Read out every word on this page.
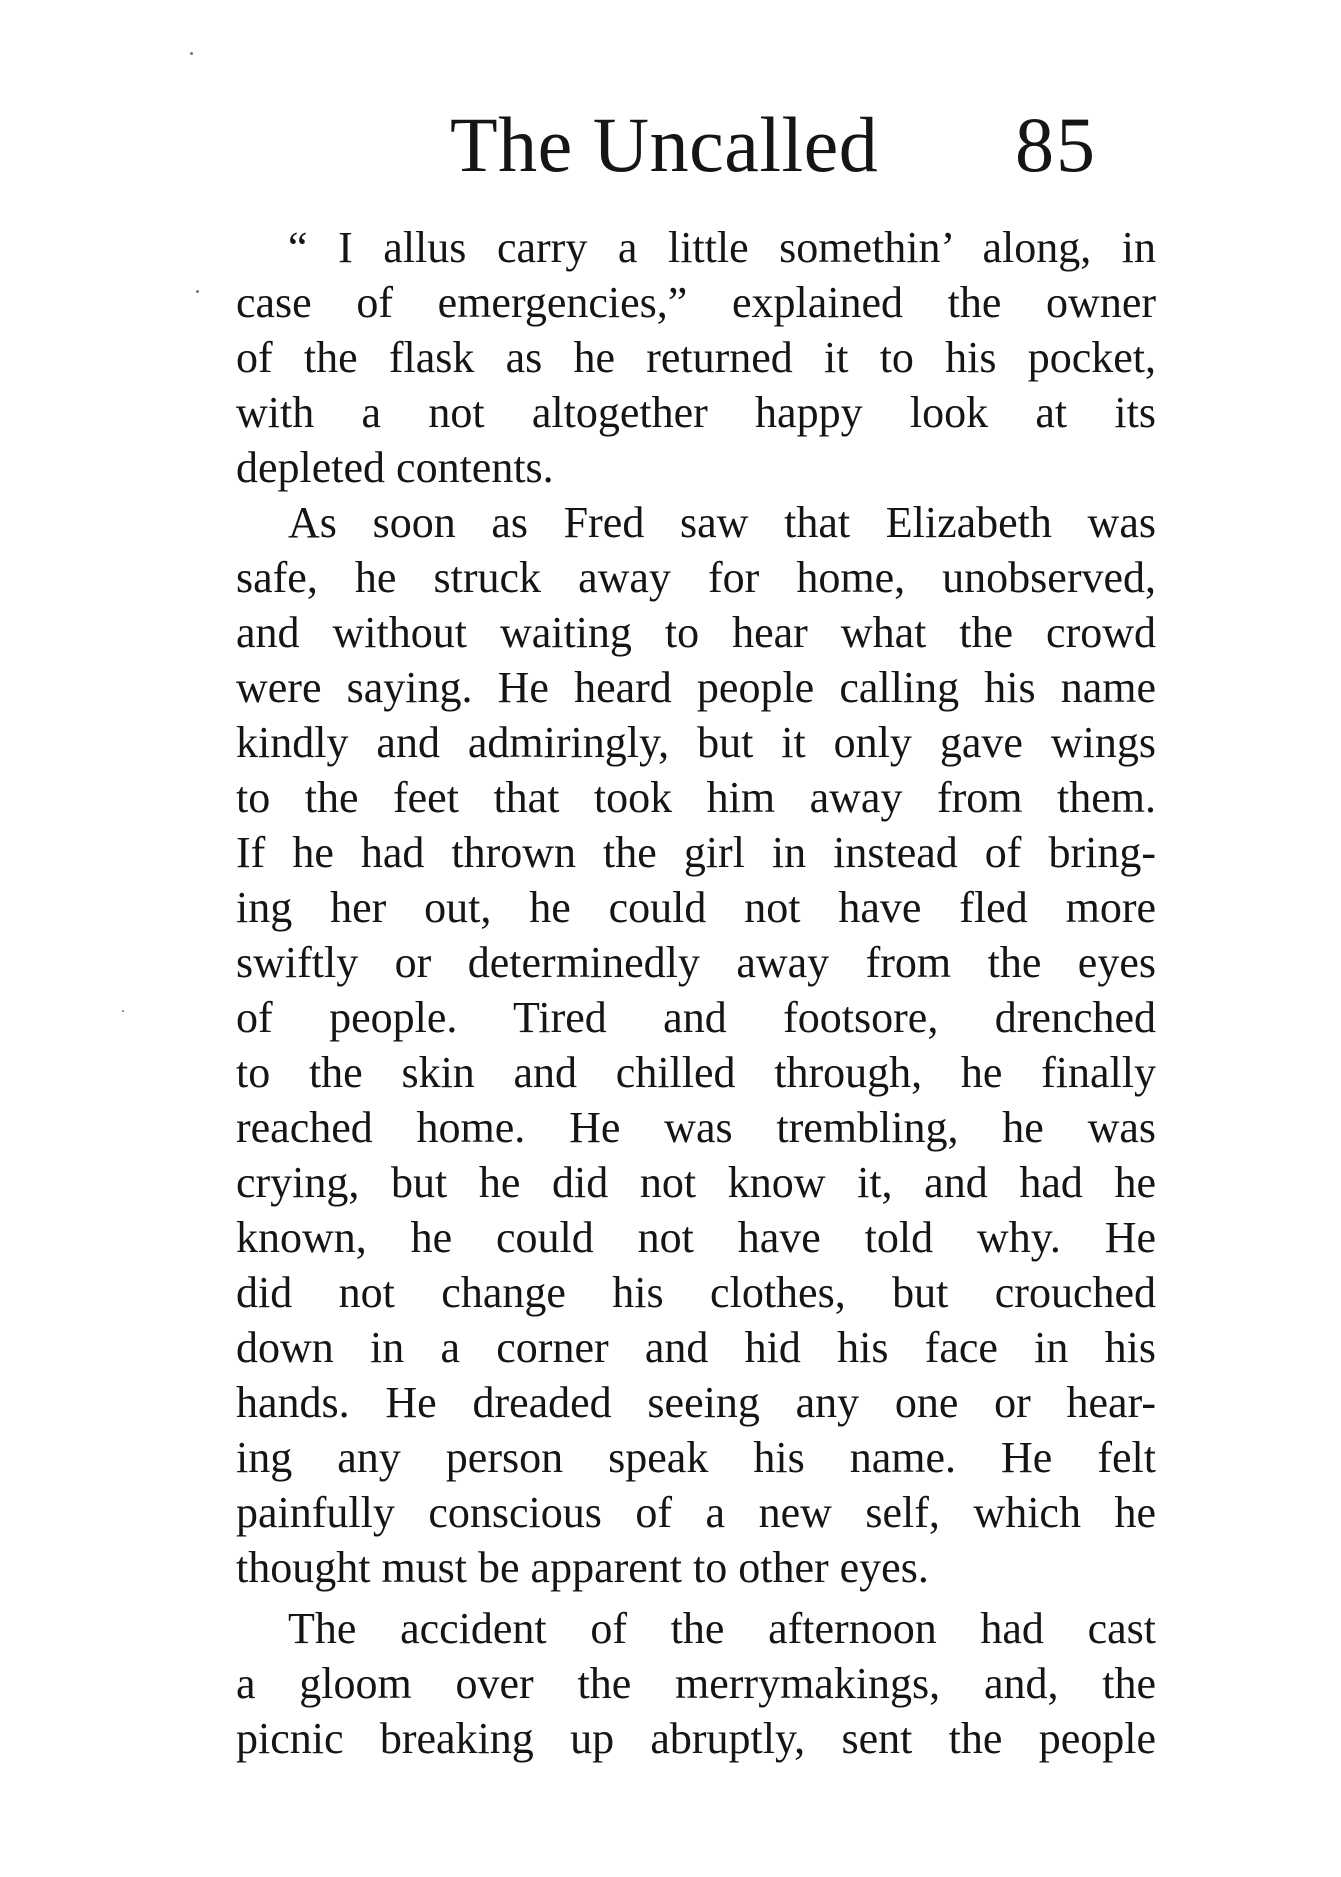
The Uncalled 85
“ I allus carry a little somethin’ along, in
case of emergencies,” explained the owner
of the flask as he returned it to his pocket,
with a not altogether happy look at its
depleted contents.
As soon as Fred saw that Elizabeth was
safe, he struck away for home, unobserved,
and without waiting to hear what the crowd
were saying. He heard people calling his name
kindly and admiringly, but it only gave wings
to the feet that took him away from them.
If he had thrown the girl in instead of bring-
ing her out, he could not have fled more
swiftly or determinedly away from the eyes
of people. Tired and footsore, drenched
to the skin and chilled through, he finally
reached home. He was trembling, he was
crying, but he did not know it, and had he
known, he could not have told why. He
did not change his clothes, but crouched
down in a corner and hid his face in his
hands. He dreaded seeing any one or hear-
ing any person speak his name. He felt
painfully conscious of a new self, which he
thought must be apparent to other eyes.
The accident of the afternoon had cast
a gloom over the merrymakings, and, the
picnic breaking up abruptly, sent the people
